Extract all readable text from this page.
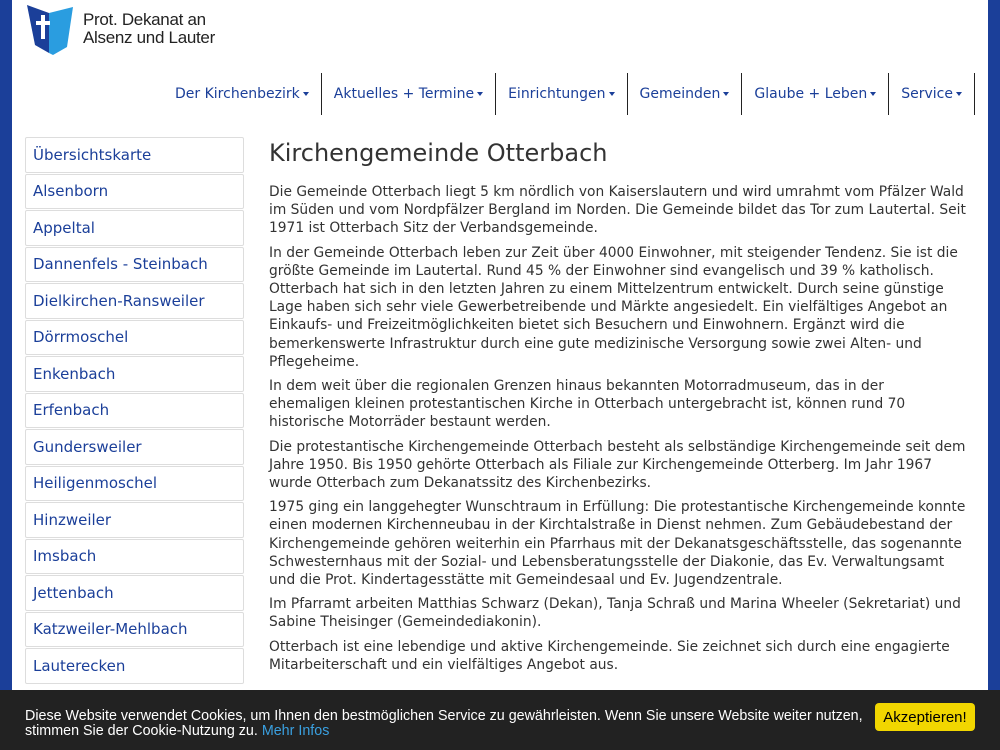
Prot. Dekanat an
Alsenz und Lauter
Der Kirchenbezirk Aktuelles + Termine Einrichtungen Gemeinden Glaube + Leben Service
Übersichtskarte
Alsenborn
Appeltal
Dannenfels - Steinbach
Dielkirchen-Ransweiler
Dörrmoschel
Enkenbach
Erfenbach
Gundersweiler
Heiligenmoschel
Hinzweiler
Imsbach
Jettenbach
Katzweiler-Mehlbach
Lauterecken
Kirchengemeinde Otterbach

Die Gemeinde Otterbach liegt 5 km nördlich von Kaiserslautern und wird umrahmt vom Pfälzer Wald im Süden und vom Nordpfälzer Bergland im Norden. Die Gemeinde bildet das Tor zum Lautertal. Seit 1971 ist Otterbach Sitz der Verbandsgemeinde.

In der Gemeinde Otterbach leben zur Zeit über 4000 Einwohner, mit steigender Tendenz. Sie ist die größte Gemeinde im Lautertal. Rund 45 % der Einwohner sind evangelisch und 39 % katholisch. Otterbach hat sich in den letzten Jahren zu einem Mittelzentrum entwickelt. Durch seine günstige Lage haben sich sehr viele Gewerbetreibende und Märkte angesiedelt. Ein vielfältiges Angebot an Einkaufs- und Freizeitmöglichkeiten bietet sich Besuchern und Einwohnern. Ergänzt wird die bemerkenswerte Infrastruktur durch eine gute medizinische Versorgung sowie zwei Alten- und Pflegeheime.

In dem weit über die regionalen Grenzen hinaus bekannten Motorradmuseum, das in der ehemaligen kleinen protestantischen Kirche in Otterbach untergebracht ist, können rund 70 historische Motorräder bestaunt werden.

Die protestantische Kirchengemeinde Otterbach besteht als selbständige Kirchengemeinde seit dem Jahre 1950. Bis 1950 gehörte Otterbach als Filiale zur Kirchengemeinde Otterberg. Im Jahr 1967 wurde Otterbach zum Dekanatssitz des Kirchenbezirks.

1975 ging ein langgehegter Wunschtraum in Erfüllung: Die protestantische Kirchengemeinde konnte einen modernen Kirchenneubau in der Kirchtalstraße in Dienst nehmen. Zum Gebäudebestand der Kirchengemeinde gehören weiterhin ein Pfarrhaus mit der Dekanatsgeschäftsstelle, das sogenannte Schwesternhaus mit der Sozial- und Lebensberatungsstelle der Diakonie, das Ev. Verwaltungsamt und die Prot. Kindertagesstätte mit Gemeindesaal und Ev. Jugendzentrale.

Im Pfarramt arbeiten Matthias Schwarz (Dekan), Tanja Schraß und Marina Wheeler (Sekretariat) und Sabine Theisinger (Gemeindediakonin).

Otterbach ist eine lebendige und aktive Kirchengemeinde. Sie zeichnet sich durch eine engagierte Mitarbeiterschaft und ein vielfältiges Angebot aus.

Diese Website verwendet Cookies, um Ihnen den bestmöglichen Service zu gewährleisten. Wenn Sie unsere Website weiter nutzen, stimmen Sie der Cookie-Nutzung zu. Mehr Infos
Akzeptieren!
